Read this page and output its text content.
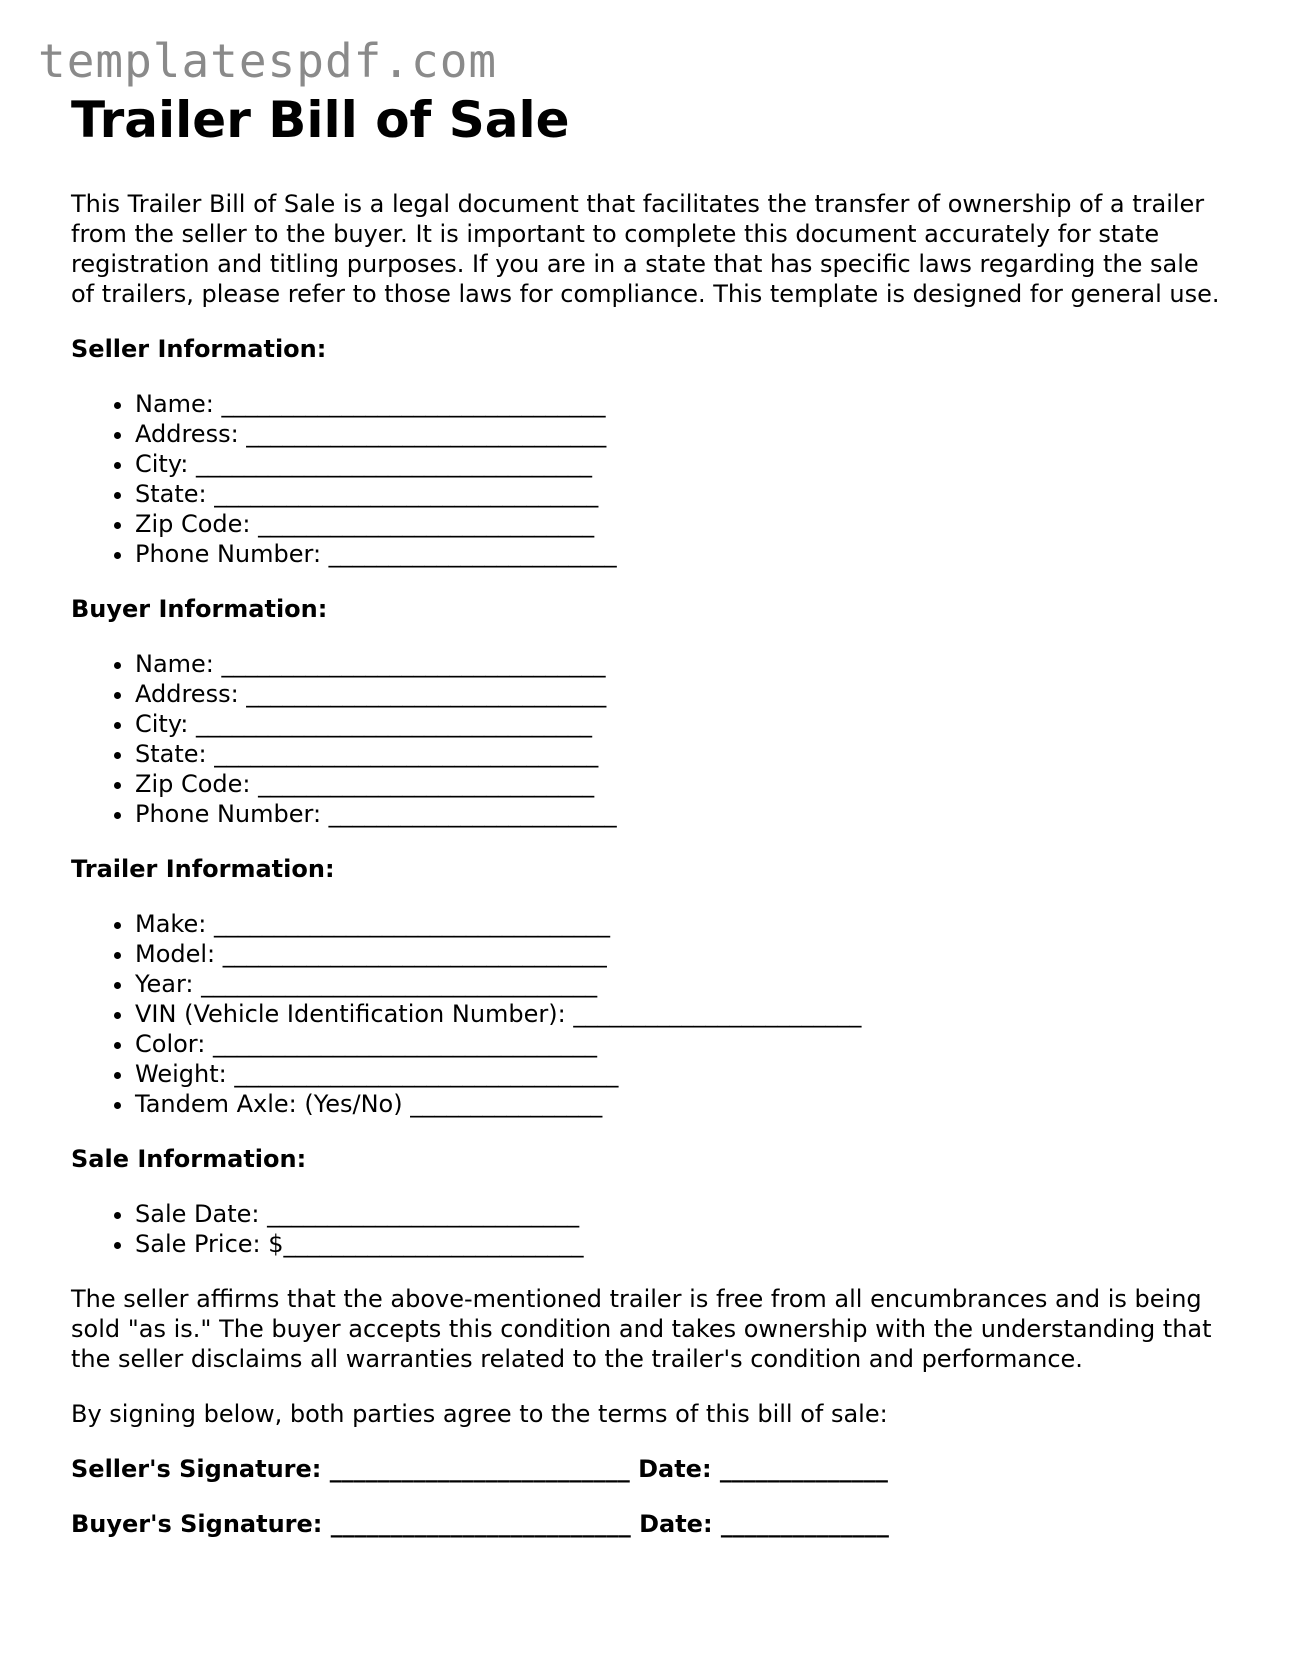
templatespdf.com
Trailer Bill of Sale

This Trailer Bill of Sale is a legal document that facilitates the transfer of ownership of a trailer from the seller to the buyer. It is important to complete this document accurately for state registration and titling purposes. If you are in a state that has specific laws regarding the sale of trailers, please refer to those laws for compliance. This template is designed for general use.

Seller Information:
• Name: ________________________________
• Address: ______________________________
• City: _________________________________
• State: ________________________________
• Zip Code: ____________________________
• Phone Number: ________________________
Buyer Information:
• Name: ________________________________
• Address: ______________________________
• City: _________________________________
• State: ________________________________
• Zip Code: ____________________________
• Phone Number: ________________________
Trailer Information:
• Make: _________________________________
• Model: ________________________________
• Year: _________________________________
• VIN (Vehicle Identification Number): ________________________
• Color: ________________________________
• Weight: ________________________________
• Tandem Axle: (Yes/No) ________________
Sale Information:
• Sale Date: __________________________
• Sale Price: $_________________________

The seller affirms that the above-mentioned trailer is free from all encumbrances and is being sold "as is." The buyer accepts this condition and takes ownership with the understanding that the seller disclaims all warranties related to the trailer's condition and performance.

By signing below, both parties agree to the terms of this bill of sale:

Seller's Signature: _________________________ Date: ______________

Buyer's Signature: _________________________ Date: ______________
